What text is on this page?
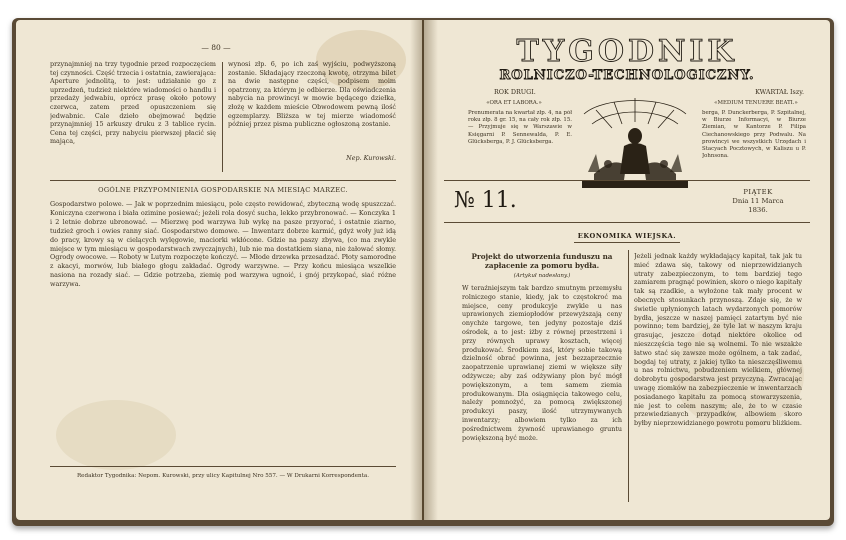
— 80 —
przynajmniej na trzy tygodnie przed rozpoczęciem tej czynności. Część trzecia i ostatnia, zawierająca: Aperture jednolitą, to jest: udziałanie go z uprzedzeń, tudzież niektóre wiadomości o handlu i przedaży jedwabiu, oprócz prasę około potowy czerwca, zatem przed opuszczeniem się jedwabnic. Cale dzieło obejmować będzie przynajmniej 15 arkuszy druku z 3 tablice rycin. Cena tej części, przy nabyciu pierwszej płacić się mająca,
wynosi złp. 6, po ich zaś wyjściu, podwyższoną zostanie. Składający rzeczoną kwotę, otrzyma bilet na dwie następne części, podpisem moim opatrzony, za którym je odbierze. Dla oświadczenia nabycia na prowincyi w mowie będącego dziełka, złożę w każdem mieście Obwodowem pewną ilość egzemplarzy. Bliższa w tej mierze wiadomość później przez pisma publiczne ogłoszoną zostanie.
Nep. Kurowski.
OGÓLNE PRZYPOMNIENIA GOSPODARSKIE NA MIESIĄC MARZEC.
Gospodarstwo polowe. — Jak w poprzednim miesiącu, pole często rewidować, zbyteczną wodę spuszczać. Koniczyna czerwona i biała ozimine posiewać; jeżeli rola dosyć sucha, lekko przybronować. — Konczyka 1 i 2 letnie dobrze ubronować. — Mierzwę pod warzywa lub wykę na pasze przyorać, i ostatnie ziarno, tudzież groch i owies ranny siać. Gospodarstwo domowe. — Inwentarz dobrze karmić, gdyż woły już idą do pracy, krowy są w cielących wylęgowie, maciorki wkłócone. Gdzie na paszy zbywa, (co ma zwykle miejsce w tym miesiącu w gospodarstwach zwyczajnych), lub nie ma dostatkiem siana, nie żałować słomy. Ogrody owocowe. — Roboty w Lutym rozpoczęte kończyć. — Młode drzewka przesadzać. Płoty samorodne z akacyi, morwów, lub białego głogu zakładać. Ogrody warzywne. — Przy końcu miesiąca wszelkie nasiona na rozady siać. — Gdzie potrzeba, ziemię pod warzywa ugnoić, i gnój przykopać, siać różne warzywa.
Redaktor Tygodnika: Nepom. Kurowski, przy ulicy Kapitulnej Nro 557. — W Drukarni Korrespondenta.
TYGODNIK
ROLNICZO-TECHNOLOGICZNY.
ROK DRUGI.	KWARTAŁ Iszy.
«ORA ET LABORA.»	«MEDIUM TENUERE BEATI.»
Prenumerata na kwartał złp. 4, na pół roku złp. 8 gr. 15, na cały rok złp. 15. — Przyjmuje się w Warszawie w Księgarni P. Sennewalda, P. E. Glücksberga, P. J. Glücksberga.
berga, P. Dunckerberga, P. Szpitalnej, w Biurze Informacyi, w Biurze Ziemian, w Kantorze P. Filipa Ciechanowskiego przy Podwalu. Na prowincyi we wszystkich Urzędach i Stacyach Pocztowych, w Kaliszu u P. Johnsona.
№ 11.	PIĄTEK
Dnia 11 Marca
1836.
EKONOMIKA WIEJSKA.
Projekt do utworzenia funduszu na zapłacenie za pomoru bydła.
(Artykuł nadesłany.)
W teraźniejszym tak bardzo smutnym przemysłu rolniczego stanie, kiedy, jak to częstokroć ma miejsce, ceny produkcyje zwykle u nas uprawionych ziemiopłodów przewyższają ceny onychże targowe, ten jedyny pozostaje dziś ośrodek, a to jest: iżby z równej przestrzeni i przy równych uprawy kosztach, więcej produkować. Środkiem zaś, który sobie takową dzielność obrać powinna, jest bezzaprzecznie zaopatrzenie uprawianej ziemi w większe siły odżywcze; aby zaś odżywiany plon być mógł powiększonym, a tem samem ziemia produkowanym. Dla osiągnięcia takowego celu, należy pomnożyć, za pomocą zwiększonej produkcyi paszy, ilość utrzymywanych inwentarzy; albowiem tylko za ich pośrednictwem żywność uprawianego gruntu powiększoną być może.
Jeżeli jednak każdy wykładający kapitał, tak jak tu mieć zdawa się, takowy od nieprzewidzianych utraty zabezpieczonym, to tem bardziej tego zamiarem pragnąć powinien, skoro o niego kapitały tak są rzadkie, a wyłożone tak mały procent w obecnych stosunkach przynoszą. Zdaje się, że w świetle upłynionych latach wydarzonych pomorów bydła, jeszcze w naszej pamięci zatartym być nie powinno; tem bardziej, że tyle lat w naszym kraju grasując, jeszcze dotąd niektóre okolice od nieszczęścia tego nie są wolnemi. To nie wszakże łatwo stać się zawsze może ogólnem, a tak zadać, bogdaj tej utraty, z jakiej tylko ta nieszczęśliwemu u nas rolnictwu, pobudzeniem wielkiem, głównej dobrobytu gospodarstwa jest przyczyną. Zwracając uwagę ziomków na zabezpieczenie w inwentarzach posiadanego kapitału za pomocą stowarzyszenia, nie jest to celem naszym; ale, że to w czasie przewiedzianych przypadków, albowiem skoro byłby nieprzewidzianego powrotu pomoru bliżkiem.
